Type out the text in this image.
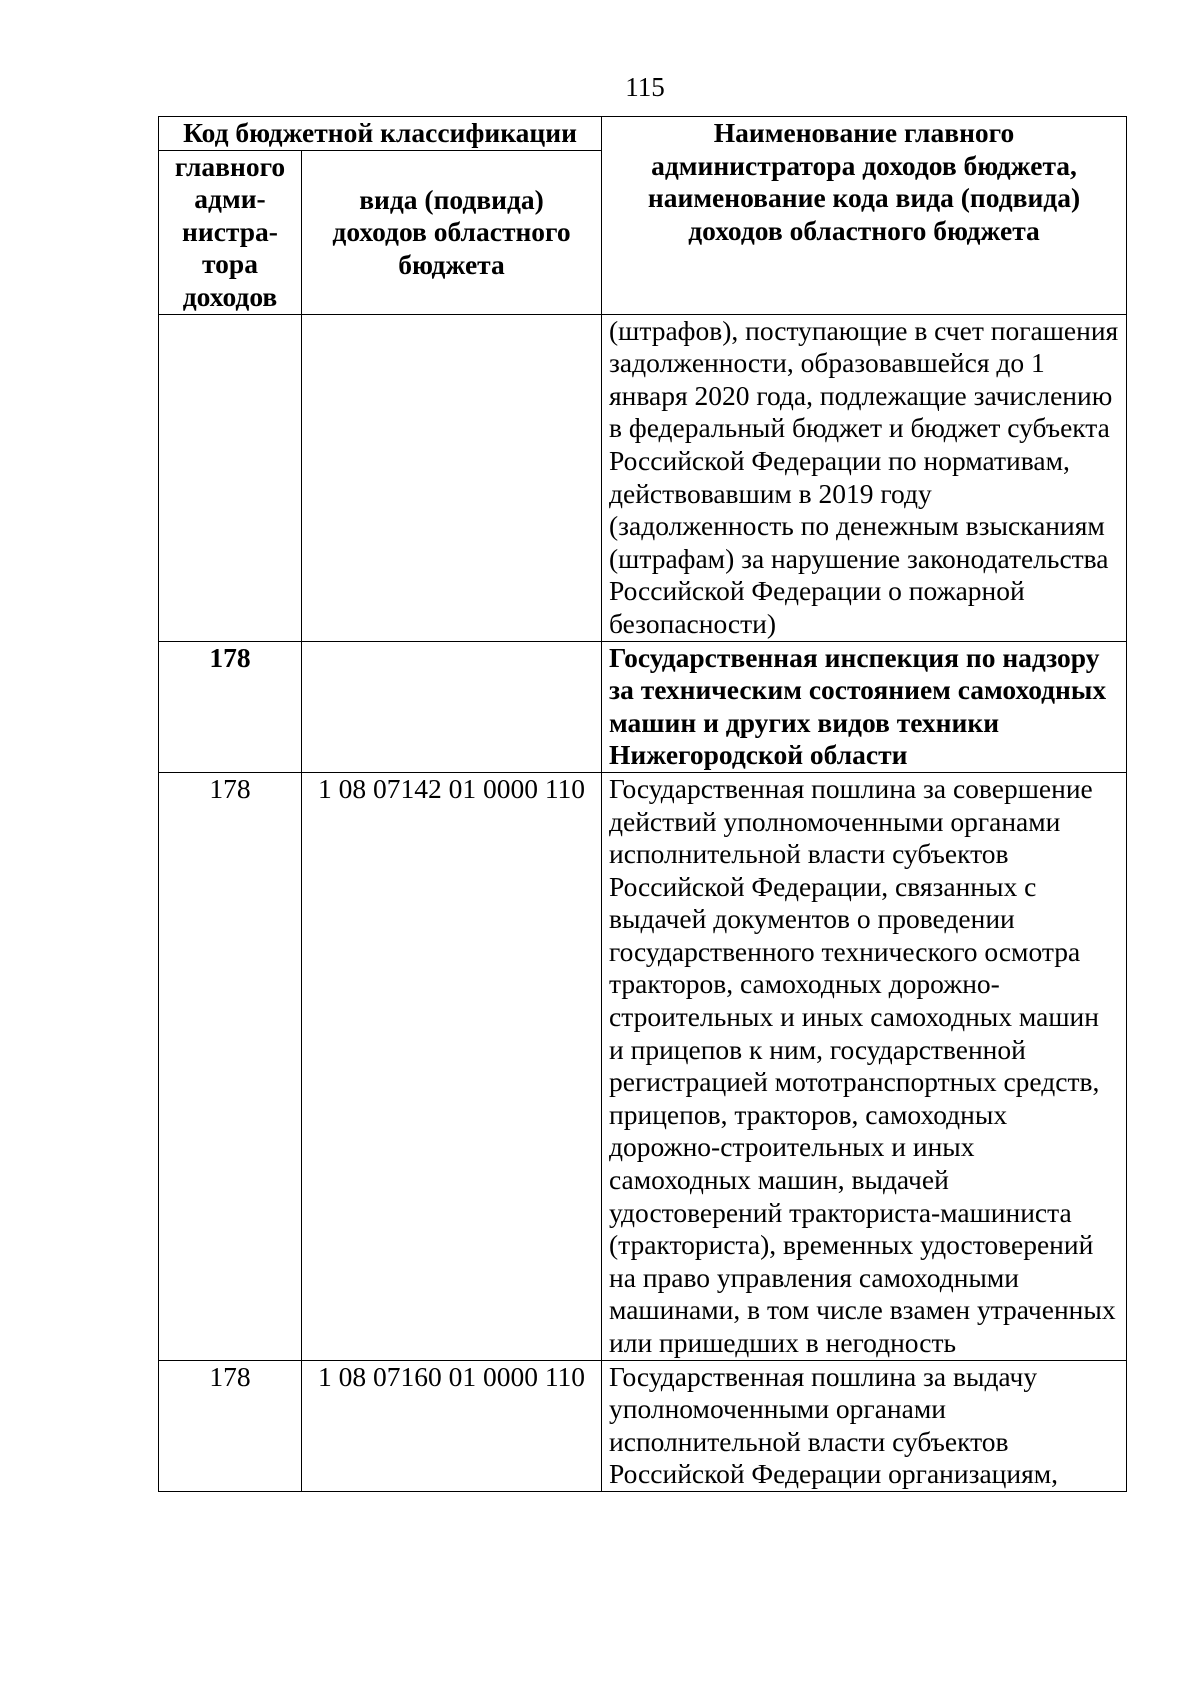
115
Код бюджетной классификации		Наименование главного администратора доходов бюджета, наименование кода вида (подвида) доходов областного бюджета

главного адми-нистра-тора доходов	вида (подвида) доходов областного бюджета	
		(штрафов), поступающие в счет погашения задолженности, образовавшейся до 1 января 2020 года, подлежащие зачислению в федеральный бюджет и бюджет субъекта Российской Федерации по нормативам, действовавшим в 2019 году (задолженность по денежным взысканиям (штрафам) за нарушение законодательства Российской Федерации о пожарной безопасности)
178		Государственная инспекция по надзору за техническим состоянием самоходных машин и других видов техники Нижегородской области
178	1 08 07142 01 0000 110	Государственная пошлина за совершение действий уполномоченными органами исполнительной власти субъектов Российской Федерации, связанных с выдачей документов о проведении государственного технического осмотра тракторов, самоходных дорожно-строительных и иных самоходных машин и прицепов к ним, государственной регистрацией мототранспортных средств, прицепов, тракторов, самоходных дорожно-строительных и иных самоходных машин, выдачей удостоверений тракториста-машиниста (тракториста), временных удостоверений на право управления самоходными машинами, в том числе взамен утраченных или пришедших в негодность
178	1 08 07160 01 0000 110	Государственная пошлина за выдачу уполномоченными органами исполнительной власти субъектов Российской Федерации организациям,
